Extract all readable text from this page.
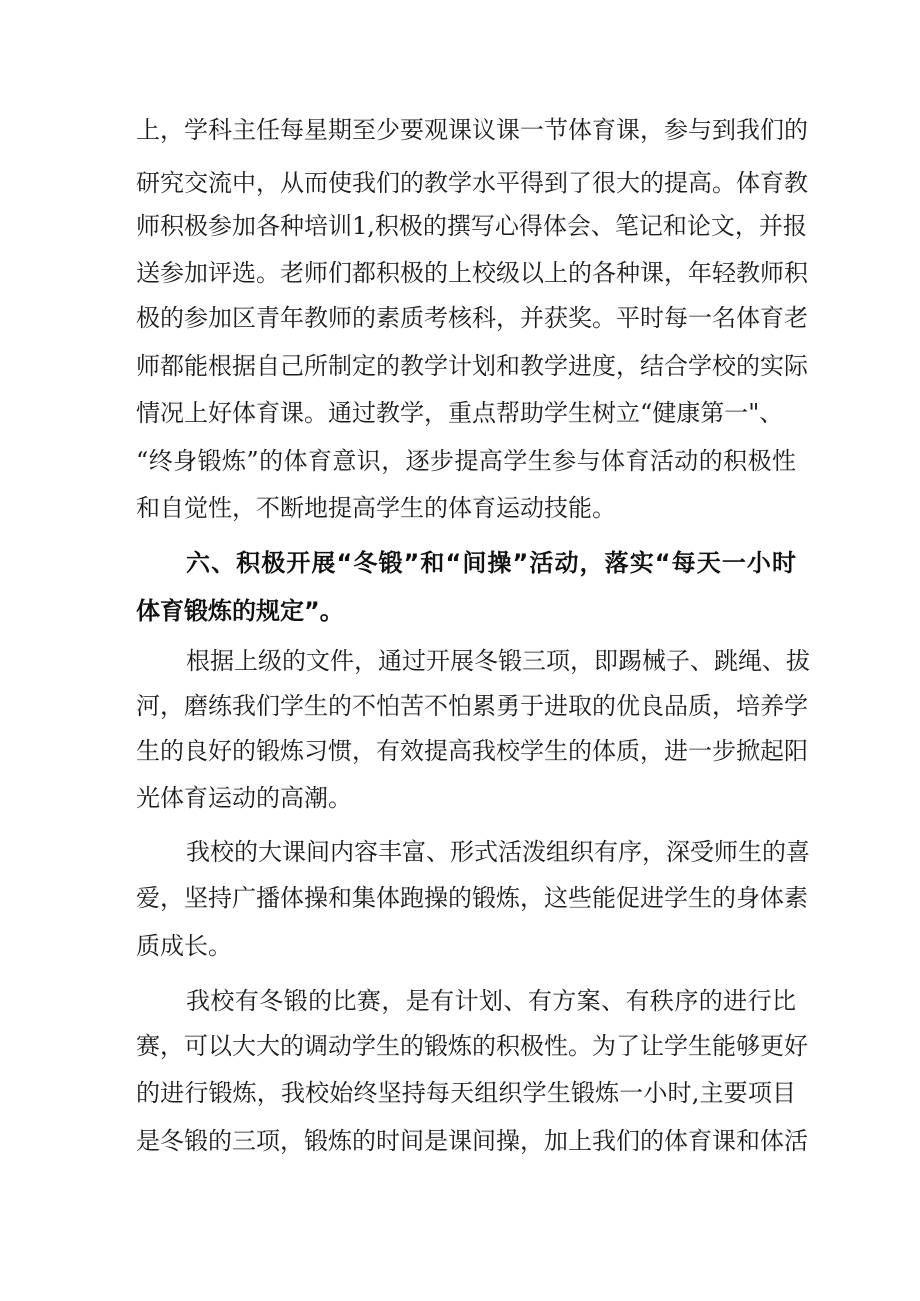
上，学科主任每星期至少要观课议课一节体育课，参与到我们的
研究交流中，从而使我们的教学水平得到了很大的提高。体育教
师积极参加各种培训1,积极的撰写心得体会、笔记和论文，并报
送参加评选。老师们都积极的上校级以上的各种课，年轻教师积
极的参加区青年教师的素质考核科，并获奖。平时每一名体育老
师都能根据自己所制定的教学计划和教学进度，结合学校的实际
情况上好体育课。通过教学，重点帮助学生树立“健康第一"、
“终身锻炼”的体育意识，逐步提高学生参与体育活动的积极性
和自觉性，不断地提高学生的体育运动技能。
六、积极开展“冬锻”和“间操”活动，落实“每天一小时
体育锻炼的规定”。
根据上级的文件，通过开展冬锻三项，即踢械子、跳绳、拔
河，磨练我们学生的不怕苦不怕累勇于进取的优良品质，培养学
生的良好的锻炼习惯，有效提高我校学生的体质，进一步掀起阳
光体育运动的高潮。
我校的大课间内容丰富、形式活泼组织有序，深受师生的喜
爱，坚持广播体操和集体跑操的锻炼，这些能促进学生的身体素
质成长。
我校有冬锻的比赛，是有计划、有方案、有秩序的进行比
赛，可以大大的调动学生的锻炼的积极性。为了让学生能够更好
的进行锻炼，我校始终坚持每天组织学生锻炼一小时,主要项目
是冬锻的三项，锻炼的时间是课间操，加上我们的体育课和体活
